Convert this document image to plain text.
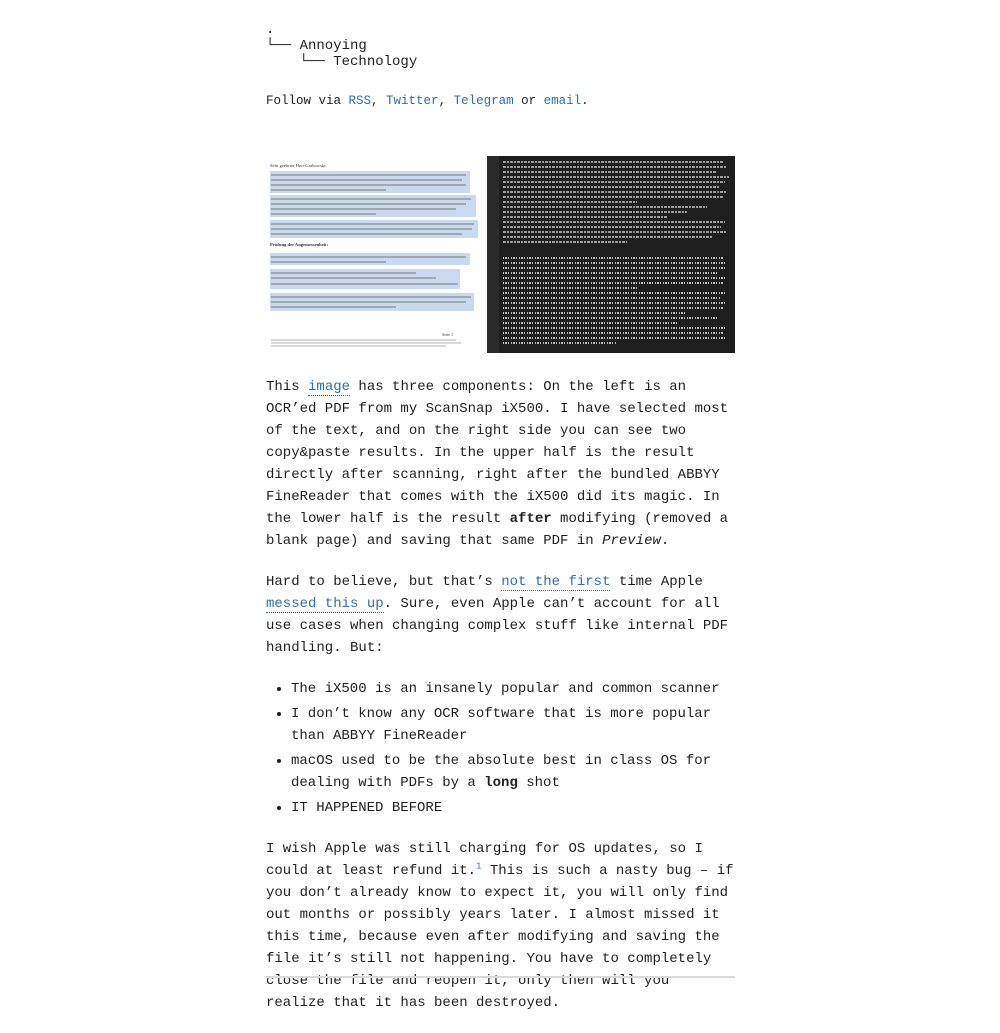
.
└── Annoying
└── Technology
Follow via RSS, Twitter, Telegram or email.
Sehr geehrter Herr Grabowski,
Prüfung der Angemessenheit:
Seite 1

This image has three components: On the left is an OCR’ed PDF from my ScanSnap iX500. I have selected most of the text, and on the right side you can see two copy&paste results. In the upper half is the result directly after scanning, right after the bundled ABBYY FineReader that comes with the iX500 did its magic. In the lower half is the result after modifying (removed a blank page) and saving that same PDF in Preview.

Hard to believe, but that’s not the first time Apple messed this up. Sure, even Apple can’t account for all use cases when changing complex stuff like internal PDF handling. But:

• The iX500 is an insanely popular and common scanner
• I don’t know any OCR software that is more popular than ABBYY FineReader
• macOS used to be the absolute best in class OS for dealing with PDFs by a long shot
• IT HAPPENED BEFORE

I wish Apple was still charging for OS updates, so I could at least refund it.$^1$ This is such a nasty bug – if you don’t already know to expect it, you will only find out months or possibly years later. I almost missed it this time, because even after modifying and saving the file it’s still not happening. You have to completely close the file and reopen it, only then will you realize that it has been destroyed.
